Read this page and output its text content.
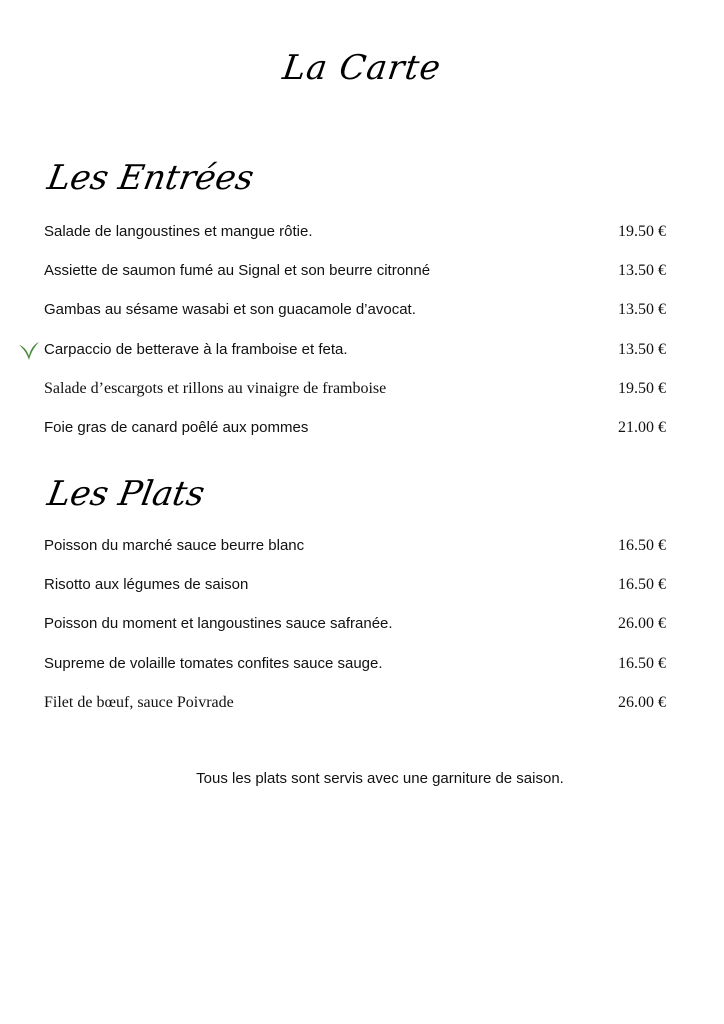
La Carte
Les Entrées
Salade de langoustines et mangue rôtie.	19.50 €
Assiette de saumon fumé au Signal et son beurre citronné	13.50 €
Gambas au sésame wasabi et son guacamole d’avocat.	13.50 €
Carpaccio de betterave à la framboise et feta.	13.50 €
Salade d’escargots et rillons au vinaigre de framboise	19.50 €
Foie gras de canard poêlé aux pommes	21.00 €
Les Plats
Poisson du marché sauce beurre blanc	16.50 €
Risotto aux légumes de saison	16.50 €
Poisson du moment et langoustines sauce safranée.	26.00 €
Supreme de volaille tomates confites sauce sauge.	16.50 €
Filet de bœuf, sauce Poivrade	26.00 €
Tous les plats sont servis avec une garniture de saison.
